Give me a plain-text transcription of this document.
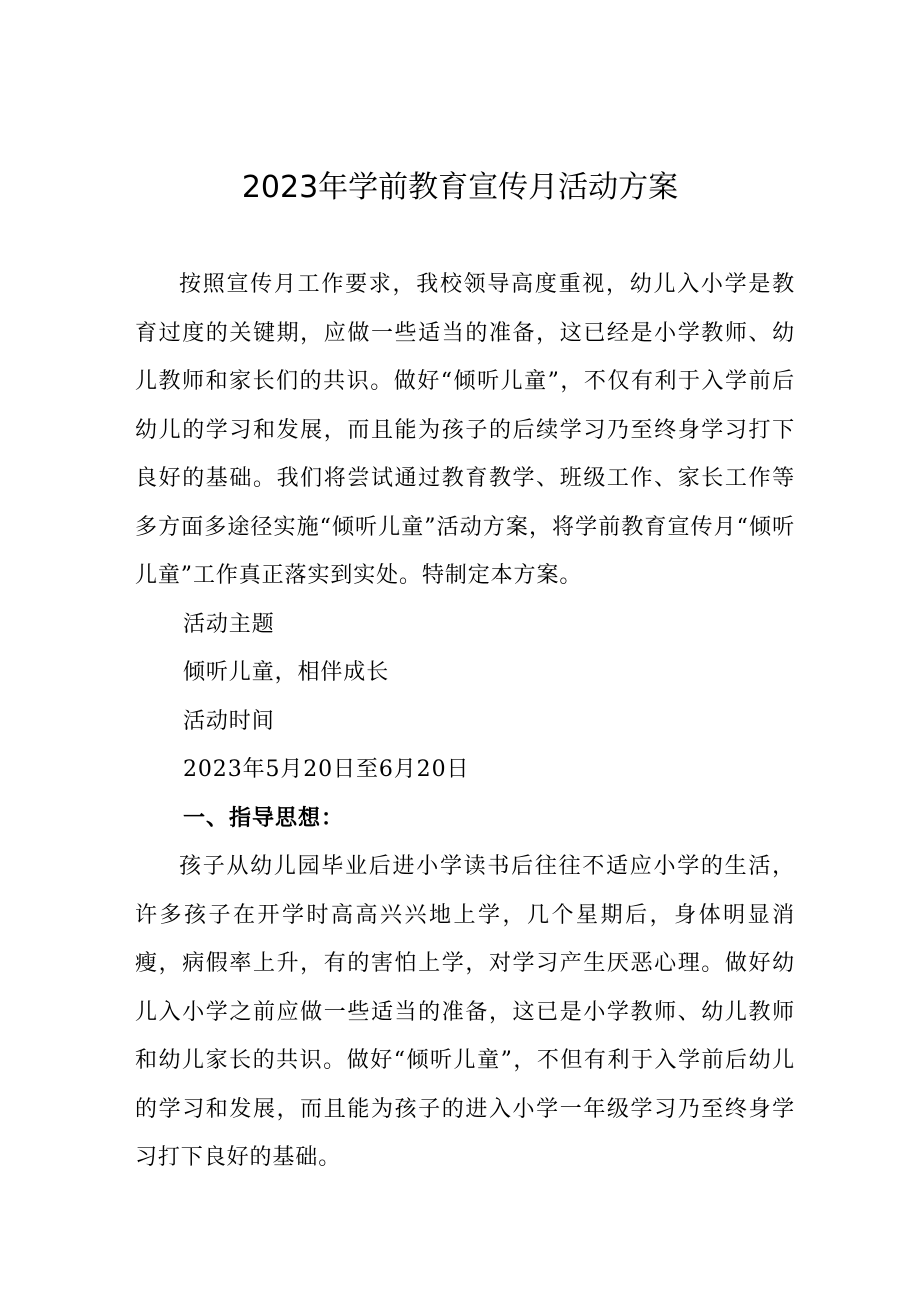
2023年学前教育宣传月活动方案

按照宣传月工作要求，我校领导高度重视，幼儿入小学是教育过度的关键期，应做一些适当的准备，这已经是小学教师、幼儿教师和家长们的共识。做好“倾听儿童”，不仅有利于入学前后幼儿的学习和发展，而且能为孩子的后续学习乃至终身学习打下良好的基础。我们将尝试通过教育教学、班级工作、家长工作等多方面多途径实施“倾听儿童”活动方案，将学前教育宣传月“倾听儿童”工作真正落实到实处。特制定本方案。

活动主题

倾听儿童，相伴成长

活动时间

2023年5月20日至6月20日

一、指导思想：

孩子从幼儿园毕业后进小学读书后往往不适应小学的生活，许多孩子在开学时高高兴兴地上学，几个星期后，身体明显消瘦，病假率上升，有的害怕上学，对学习产生厌恶心理。做好幼儿入小学之前应做一些适当的准备，这已是小学教师、幼儿教师和幼儿家长的共识。做好“倾听儿童”，不但有利于入学前后幼儿的学习和发展，而且能为孩子的进入小学一年级学习乃至终身学习打下良好的基础。
